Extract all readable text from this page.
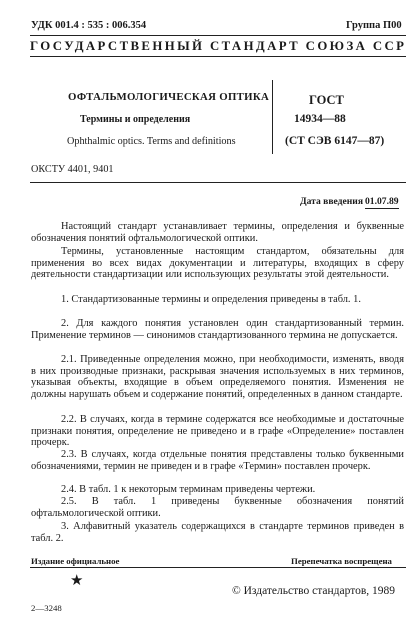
УДК 001.4 : 535 : 006.354	Группа П00
ГОСУДАРСТВЕННЫЙ СТАНДАРТ СОЮЗА ССР
ОФТАЛЬМОЛОГИЧЕСКАЯ ОПТИКА
Термины и определения
Ophthalmic optics. Terms and definitions
ГОСТ
14934—88
(СТ СЭВ 6147—87)
ОКСТУ 4401, 9401
Дата введения 01.07.89
Настоящий стандарт устанавливает термины, определения и буквенные обозначения понятий офтальмологической оптики.
Термины, установленные настоящим стандартом, обязательны для применения во всех видах документации и литературы, входящих в сферу деятельности стандартизации или использующих результаты этой деятельности.
1. Стандартизованные термины и определения приведены в табл. 1.
2. Для каждого понятия установлен один стандартизованный термин. Применение терминов — синонимов стандартизованного термина не допускается.
2.1. Приведенные определения можно, при необходимости, изменять, вводя в них производные признаки, раскрывая значения используемых в них терминов, указывая объекты, входящие в объем определяемого понятия. Изменения не должны нарушать объем и содержание понятий, определенных в данном стандарте.
2.2. В случаях, когда в термине содержатся все необходимые и достаточные признаки понятия, определение не приведено и в графе «Определение» поставлен прочерк.
2.3. В случаях, когда отдельные понятия представлены только буквенными обозначениями, термин не приведен и в графе «Термин» поставлен прочерк.
2.4. В табл. 1 к некоторым терминам приведены чертежи.
2.5. В табл. 1 приведены буквенные обозначения понятий офтальмологической оптики.
3. Алфавитный указатель содержащихся в стандарте терминов приведен в табл. 2.
Издание официальное	Перепечатка воспрещена
★
© Издательство стандартов, 1989
2—3248
